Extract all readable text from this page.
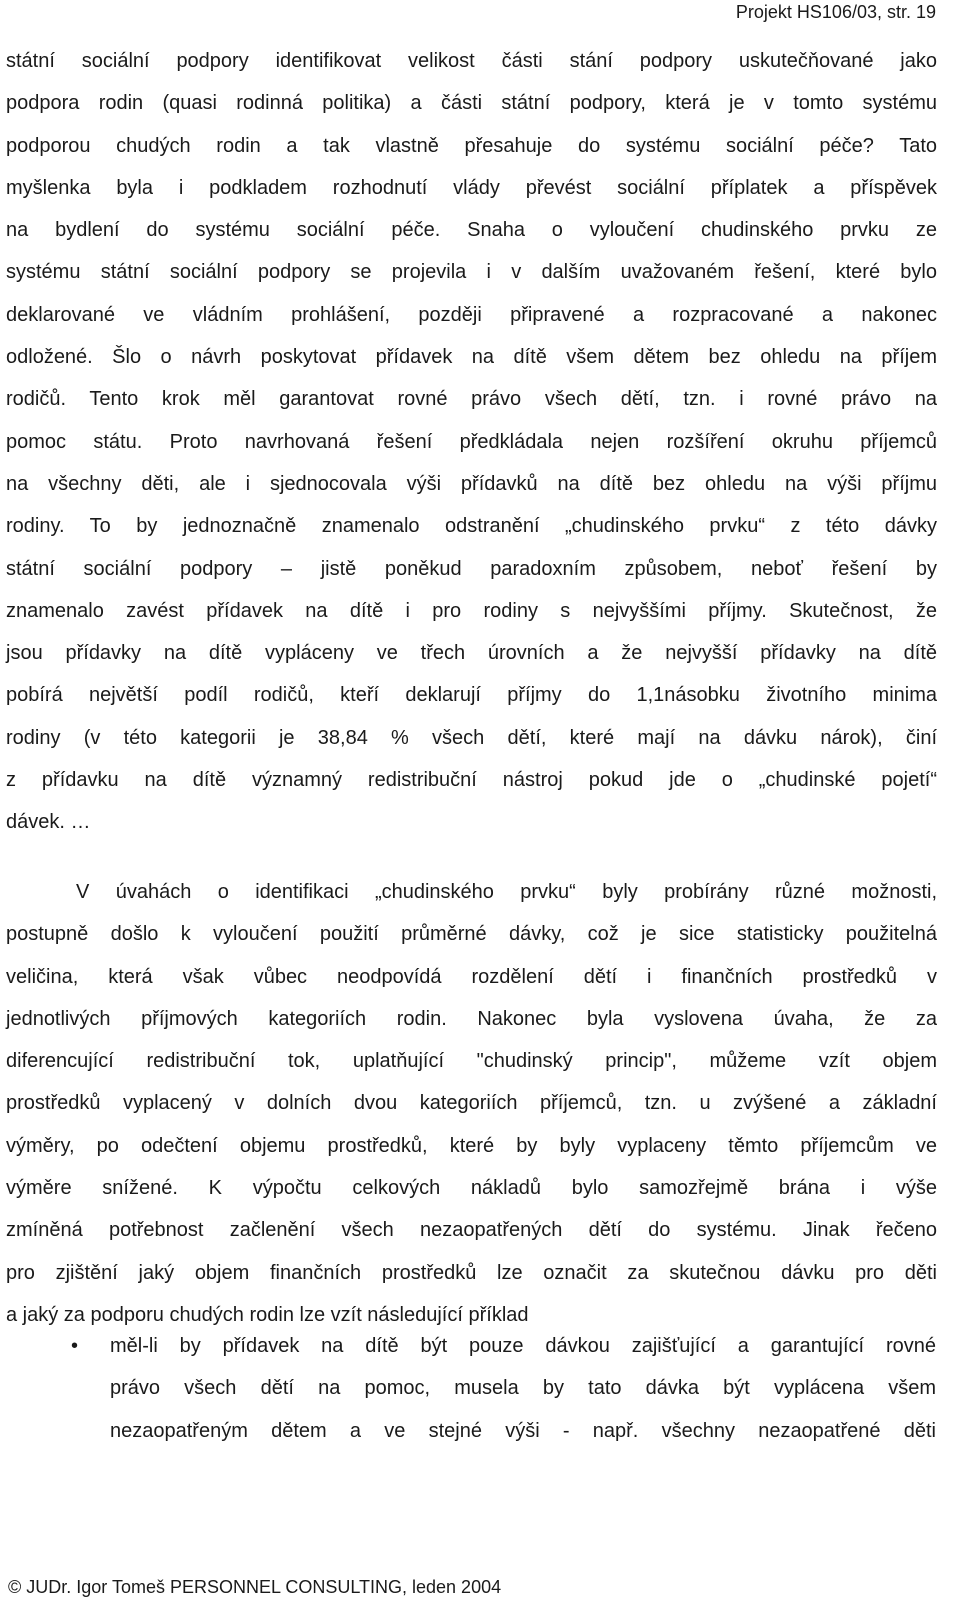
Projekt HS106/03, str. 19

státní sociální podpory identifikovat velikost části stání podpory uskutečňované jako
podpora rodin (quasi rodinná politika) a části státní podpory, která je v tomto systému
podporou chudých rodin a tak vlastně přesahuje do systému sociální péče? Tato
myšlenka byla i podkladem rozhodnutí vlády převést sociální příplatek a příspěvek
na bydlení do systému sociální péče. Snaha o vyloučení chudinského prvku ze
systému státní sociální podpory se projevila i v dalším uvažovaném řešení, které bylo
deklarované ve vládním prohlášení, později připravené a rozpracované a nakonec
odložené. Šlo o návrh poskytovat přídavek na dítě všem dětem bez ohledu na příjem
rodičů. Tento krok měl garantovat rovné právo všech dětí, tzn. i rovné právo na
pomoc státu. Proto navrhovaná řešení předkládala nejen rozšíření okruhu příjemců
na všechny děti, ale i sjednocovala výši přídavků na dítě bez ohledu na výši příjmu
rodiny. To by jednoznačně znamenalo odstranění „chudinského prvku“ z této dávky
státní sociální podpory – jistě poněkud paradoxním způsobem, neboť řešení by
znamenalo zavést přídavek na dítě i pro rodiny s nejvyššími příjmy. Skutečnost, že
jsou přídavky na dítě vypláceny ve třech úrovních a že nejvyšší přídavky na dítě
pobírá největší podíl rodičů, kteří deklarují příjmy do 1,1násobku životního minima
rodiny (v této kategorii je 38,84 % všech dětí, které mají na dávku nárok), činí
z přídavku na dítě významný redistribuční nástroj pokud jde o „chudinské pojetí“
dávek. …

V úvahách o identifikaci „chudinského prvku“ byly probírány různé možnosti,
postupně došlo k vyloučení použití průměrné dávky, což je sice statisticky použitelná
veličina, která však vůbec neodpovídá rozdělení dětí i finančních prostředků v
jednotlivých příjmových kategoriích rodin. Nakonec byla vyslovena úvaha, že za
diferencující redistribuční tok, uplatňující "chudinský princip", můžeme vzít objem
prostředků vyplacený v dolních dvou kategoriích příjemců, tzn. u zvýšené a základní
výměry, po odečtení objemu prostředků, které by byly vyplaceny těmto příjemcům ve
výměre snížené. K výpočtu celkových nákladů bylo samozřejmě brána i výše
zmíněná potřebnost začlenění všech nezaopatřených dětí do systému. Jinak řečeno
pro zjištění jaký objem finančních prostředků lze označit za skutečnou dávku pro děti
a jaký za podporu chudých rodin lze vzít následující příklad

• měl-li by přídavek na dítě být pouze dávkou zajišťující a garantující rovné
právo všech dětí na pomoc, musela by tato dávka být vyplácena všem
nezaopatřeným dětem a ve stejné výši - např. všechny nezaopatřené děti
© JUDr. Igor Tomeš PERSONNEL CONSULTING, leden 2004
